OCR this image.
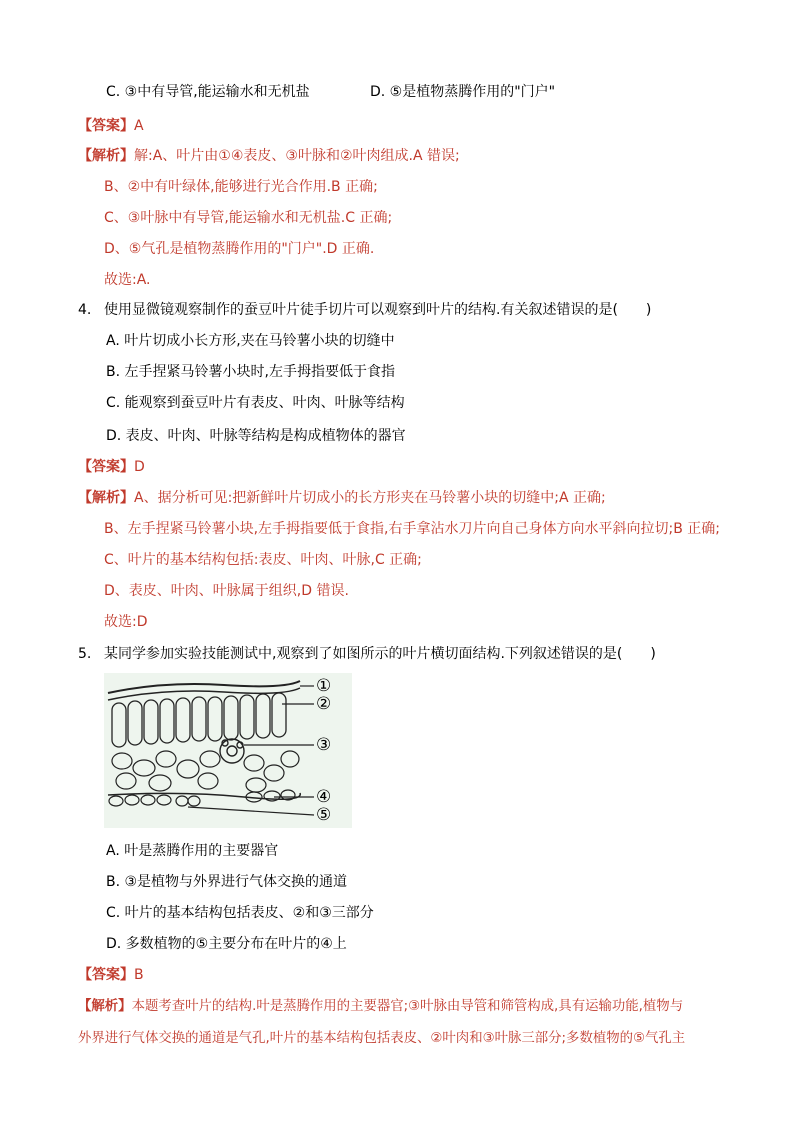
C. ③中有导管,能运输水和无机盐	D. ⑤是植物蒸腾作用的"门户"
【答案】A
【解析】解:A、叶片由①④表皮、③叶脉和②叶肉组成.A 错误;
B、②中有叶绿体,能够进行光合作用.B 正确;
C、③叶脉中有导管,能运输水和无机盐.C 正确;
D、⑤气孔是植物蒸腾作用的"门户".D 正确.
故选:A.
4. 使用显微镜观察制作的蚕豆叶片徒手切片可以观察到叶片的结构.有关叙述错误的是(　　)
A. 叶片切成小长方形,夹在马铃薯小块的切缝中
B. 左手捏紧马铃薯小块时,左手拇指要低于食指
C. 能观察到蚕豆叶片有表皮、叶肉、叶脉等结构
D. 表皮、叶肉、叶脉等结构是构成植物体的器官
【答案】D
【解析】A、据分析可见:把新鲜叶片切成小的长方形夹在马铃薯小块的切缝中;A 正确;
B、左手捏紧马铃薯小块,左手拇指要低于食指,右手拿沾水刀片向自己身体方向水平斜向拉切;B 正确;
C、叶片的基本结构包括:表皮、叶肉、叶脉,C 正确;
D、表皮、叶肉、叶脉属于组织,D 错误.
故选:D
5. 某同学参加实验技能测试中,观察到了如图所示的叶片横切面结构.下列叙述错误的是(　　)
①
②
③
④
⑤
A. 叶是蒸腾作用的主要器官
B. ③是植物与外界进行气体交换的通道
C. 叶片的基本结构包括表皮、②和③三部分
D. 多数植物的⑤主要分布在叶片的④上
【答案】B
【解析】本题考查叶片的结构.叶是蒸腾作用的主要器官;③叶脉由导管和筛管构成,具有运输功能,植物与
外界进行气体交换的通道是气孔,叶片的基本结构包括表皮、②叶肉和③叶脉三部分;多数植物的⑤气孔主
